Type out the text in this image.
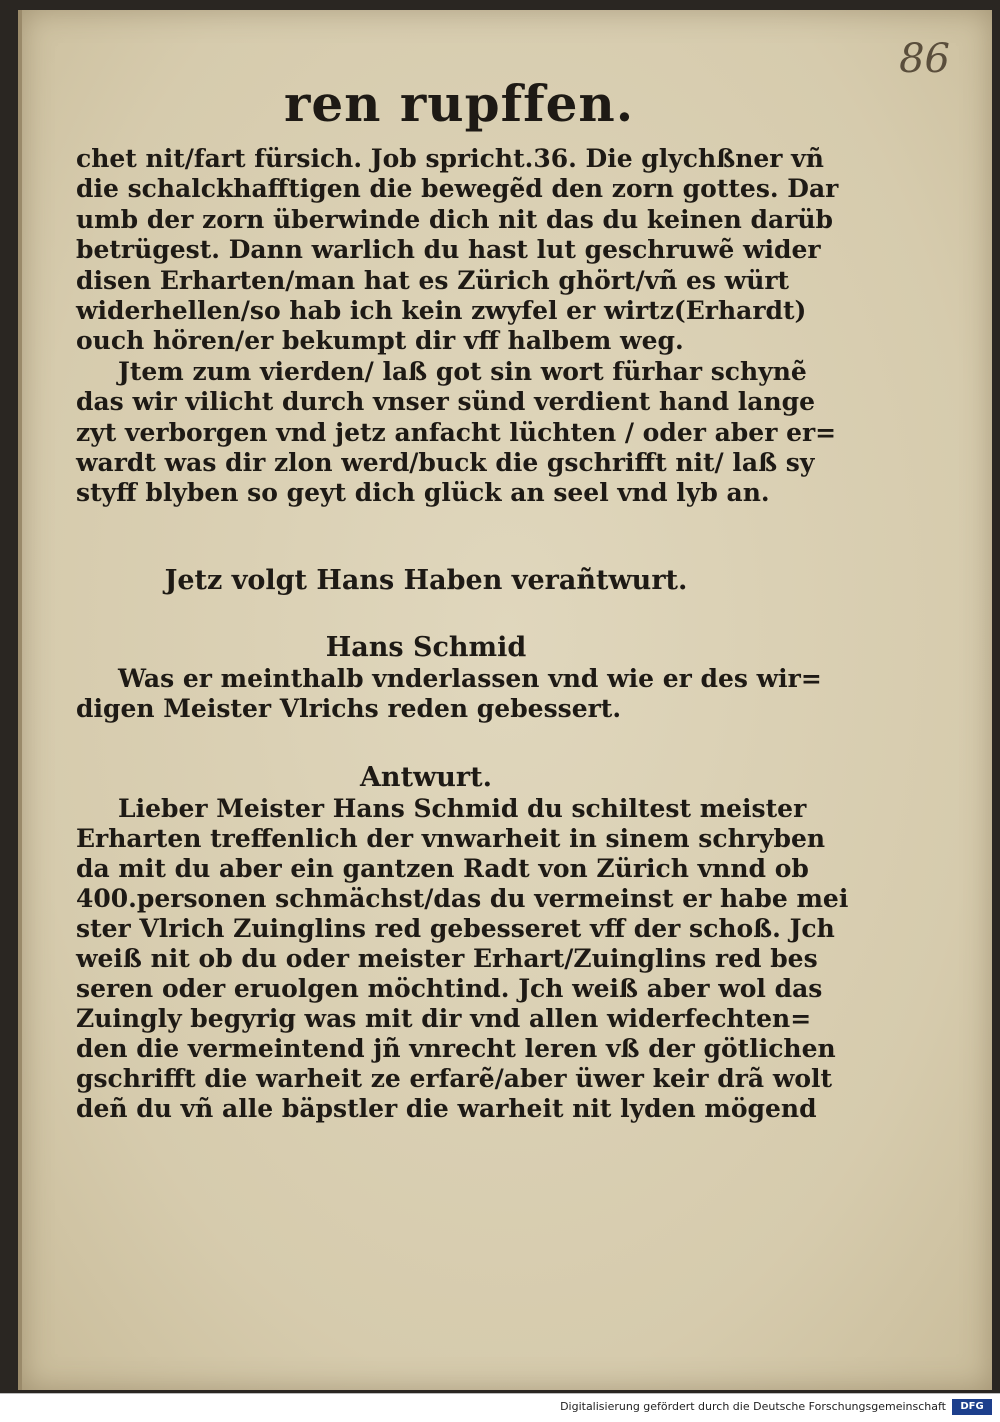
86
ren rupffen.
chet nit/fart fürsich. Job spricht.36. Die glychßner vñ
die schalckhafftigen die bewegẽd den zorn gottes. Dar
umb der zorn überwinde dich nit das du keinen darüb
betrügest. Dann warlich du hast lut geschruwẽ wider
disen Erharten/man hat es Zürich ghört/vñ es würt
widerhellen/so hab ich kein zwyfel er wirtz(Erhardt)
ouch hören/er bekumpt dir vff halbem weg.
Jtem zum vierden/ laß got sin wort fürhar schynẽ
das wir vilicht durch vnser sünd verdient hand lange
zyt verborgen vnd jetz anfacht lüchten / oder aber er=
wardt was dir zlon werd/buck die gschrifft nit/ laß sy
styff blyben so geyt dich glück an seel vnd lyb an.
Jetz volgt Hans Haben verañtwurt.
Hans Schmid
Was er meinthalb vnderlassen vnd wie er des wir=
digen Meister Vlrichs reden gebessert.
Antwurt.
Lieber Meister Hans Schmid du schiltest meister
Erharten treffenlich der vnwarheit in sinem schryben
da mit du aber ein gantzen Radt von Zürich vnnd ob
400.personen schmächst/das du vermeinst er habe mei
ster Vlrich Zuinglins red gebesseret vff der schoß. Jch
weiß nit ob du oder meister Erhart/Zuinglins red bes
seren oder eruolgen möchtind. Jch weiß aber wol das
Zuingly begyrig was mit dir vnd allen widerfechten=
den die vermeintend jñ vnrecht leren vß der götlichen
gschrifft die warheit ze erfarẽ/aber üwer keir drã wolt
deñ du vñ alle bäpstler die warheit nit lyden mögend
Digitalisierung gefördert durch die Deutsche Forschungsgemeinschaft	DFG
